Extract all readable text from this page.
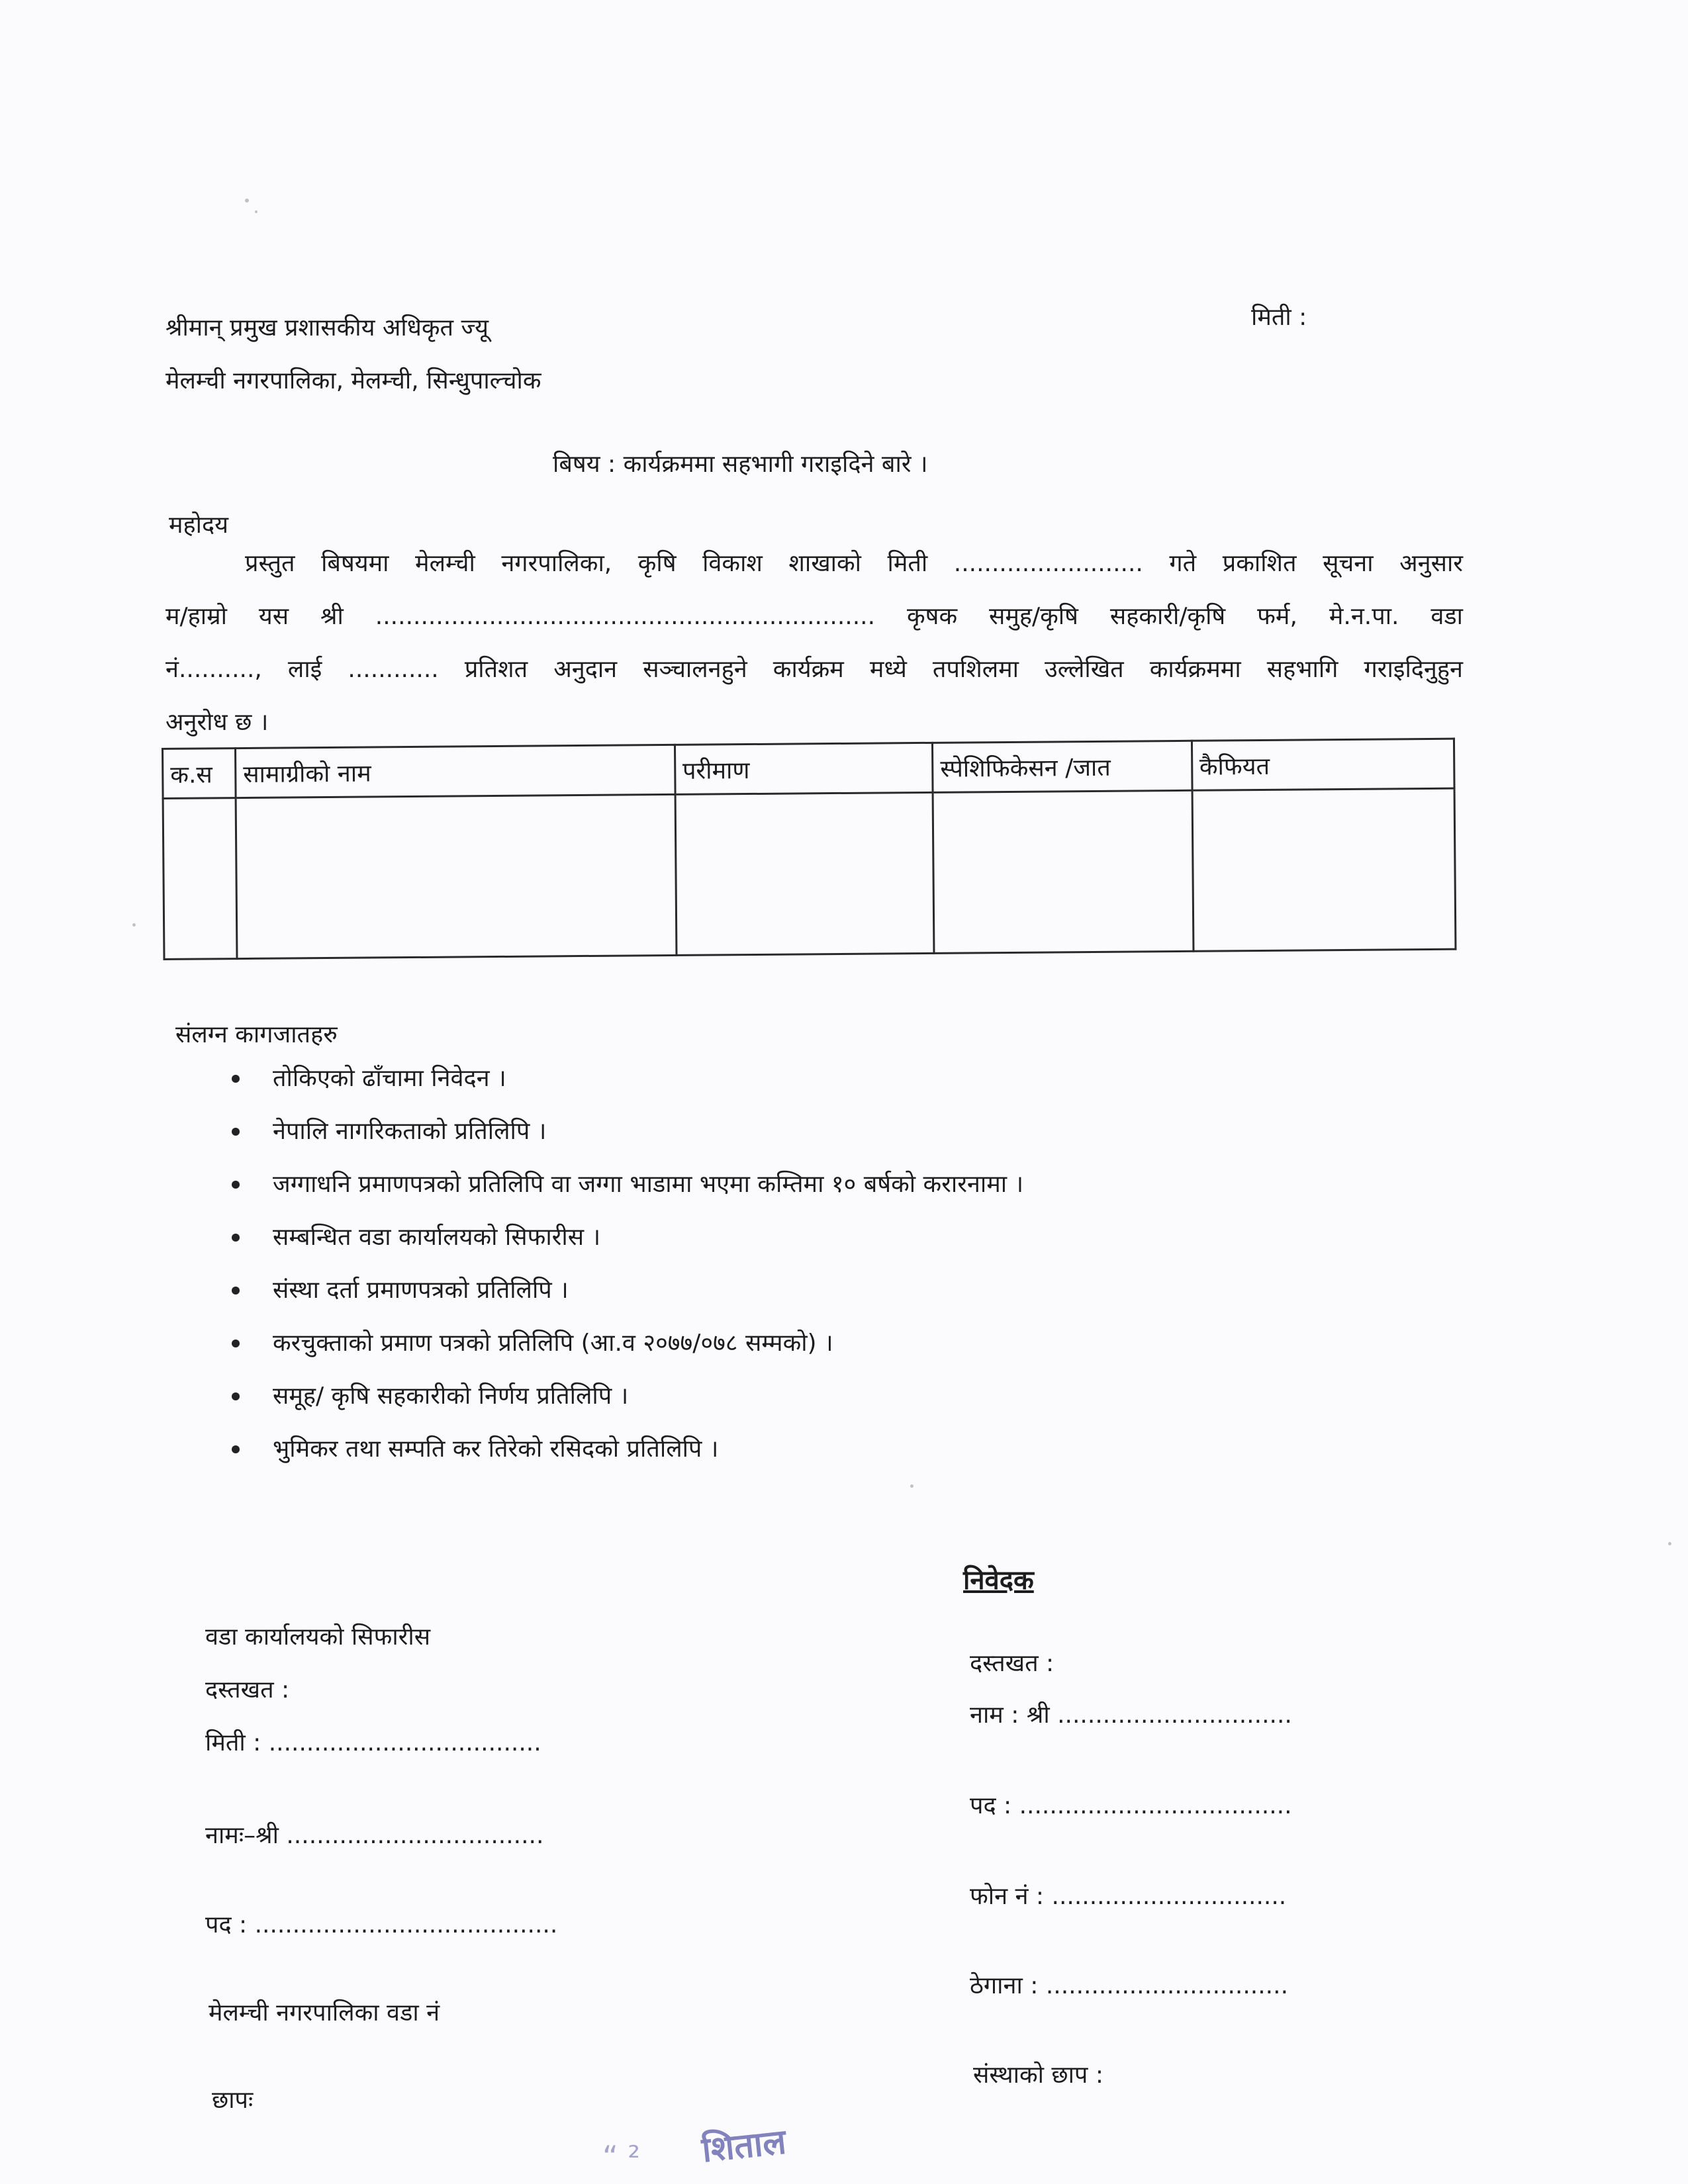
श्रीमान् प्रमुख प्रशासकीय अधिकृत ज्यू
मेलम्ची नगरपालिका, मेलम्ची, सिन्धुपाल्चोक
मिती :
बिषय : कार्यक्रममा सहभागी गराइदिने बारे ।
महोदय
प्रस्तुत बिषयमा मेलम्ची नगरपालिका, कृषि विकाश शाखाको मिती ......................... गते प्रकाशित सूचना अनुसार
म/हाम्रो यस श्री .................................................................. कृषक समुह/कृषि सहकारी/कृषि फर्म, मे.न.पा. वडा
नं.........., लाई ............ प्रतिशत अनुदान सञ्चालनहुने कार्यक्रम मध्ये तपशिलमा उल्लेखित कार्यक्रममा सहभागि गराइदिनुहुन
अनुरोध छ ।
क.स	सामाग्रीको नाम	परीमाण	स्पेशिफिकेसन /जात	कैफियत

संलग्न कागजातहरु
तोकिएको ढाँचामा निवेदन ।
नेपालि नागरिकताको प्रतिलिपि ।
जग्गाधनि प्रमाणपत्रको प्रतिलिपि वा जग्गा भाडामा भएमा कम्तिमा १० बर्षको करारनामा ।
सम्बन्धित वडा कार्यालयको सिफारीस ।
संस्था दर्ता प्रमाणपत्रको प्रतिलिपि ।
करचुक्ताको प्रमाण पत्रको प्रतिलिपि (आ.व २०७७/०७८ सम्मको) ।
समूह/ कृषि सहकारीको निर्णय प्रतिलिपि ।
भुमिकर तथा सम्पति कर तिरेको रसिदको प्रतिलिपि ।
निवेदक
वडा कार्यालयको सिफारीस
दस्तखत :
मिती : ....................................
नामः–श्री ..................................
पद : ........................................
मेलम्ची नगरपालिका वडा नं
छापः
दस्तखत :
नाम : श्री ...............................
पद : ....................................
फोन नं : ...............................
ठेगाना : ................................
संस्थाको छाप :
“ ² शिताल
